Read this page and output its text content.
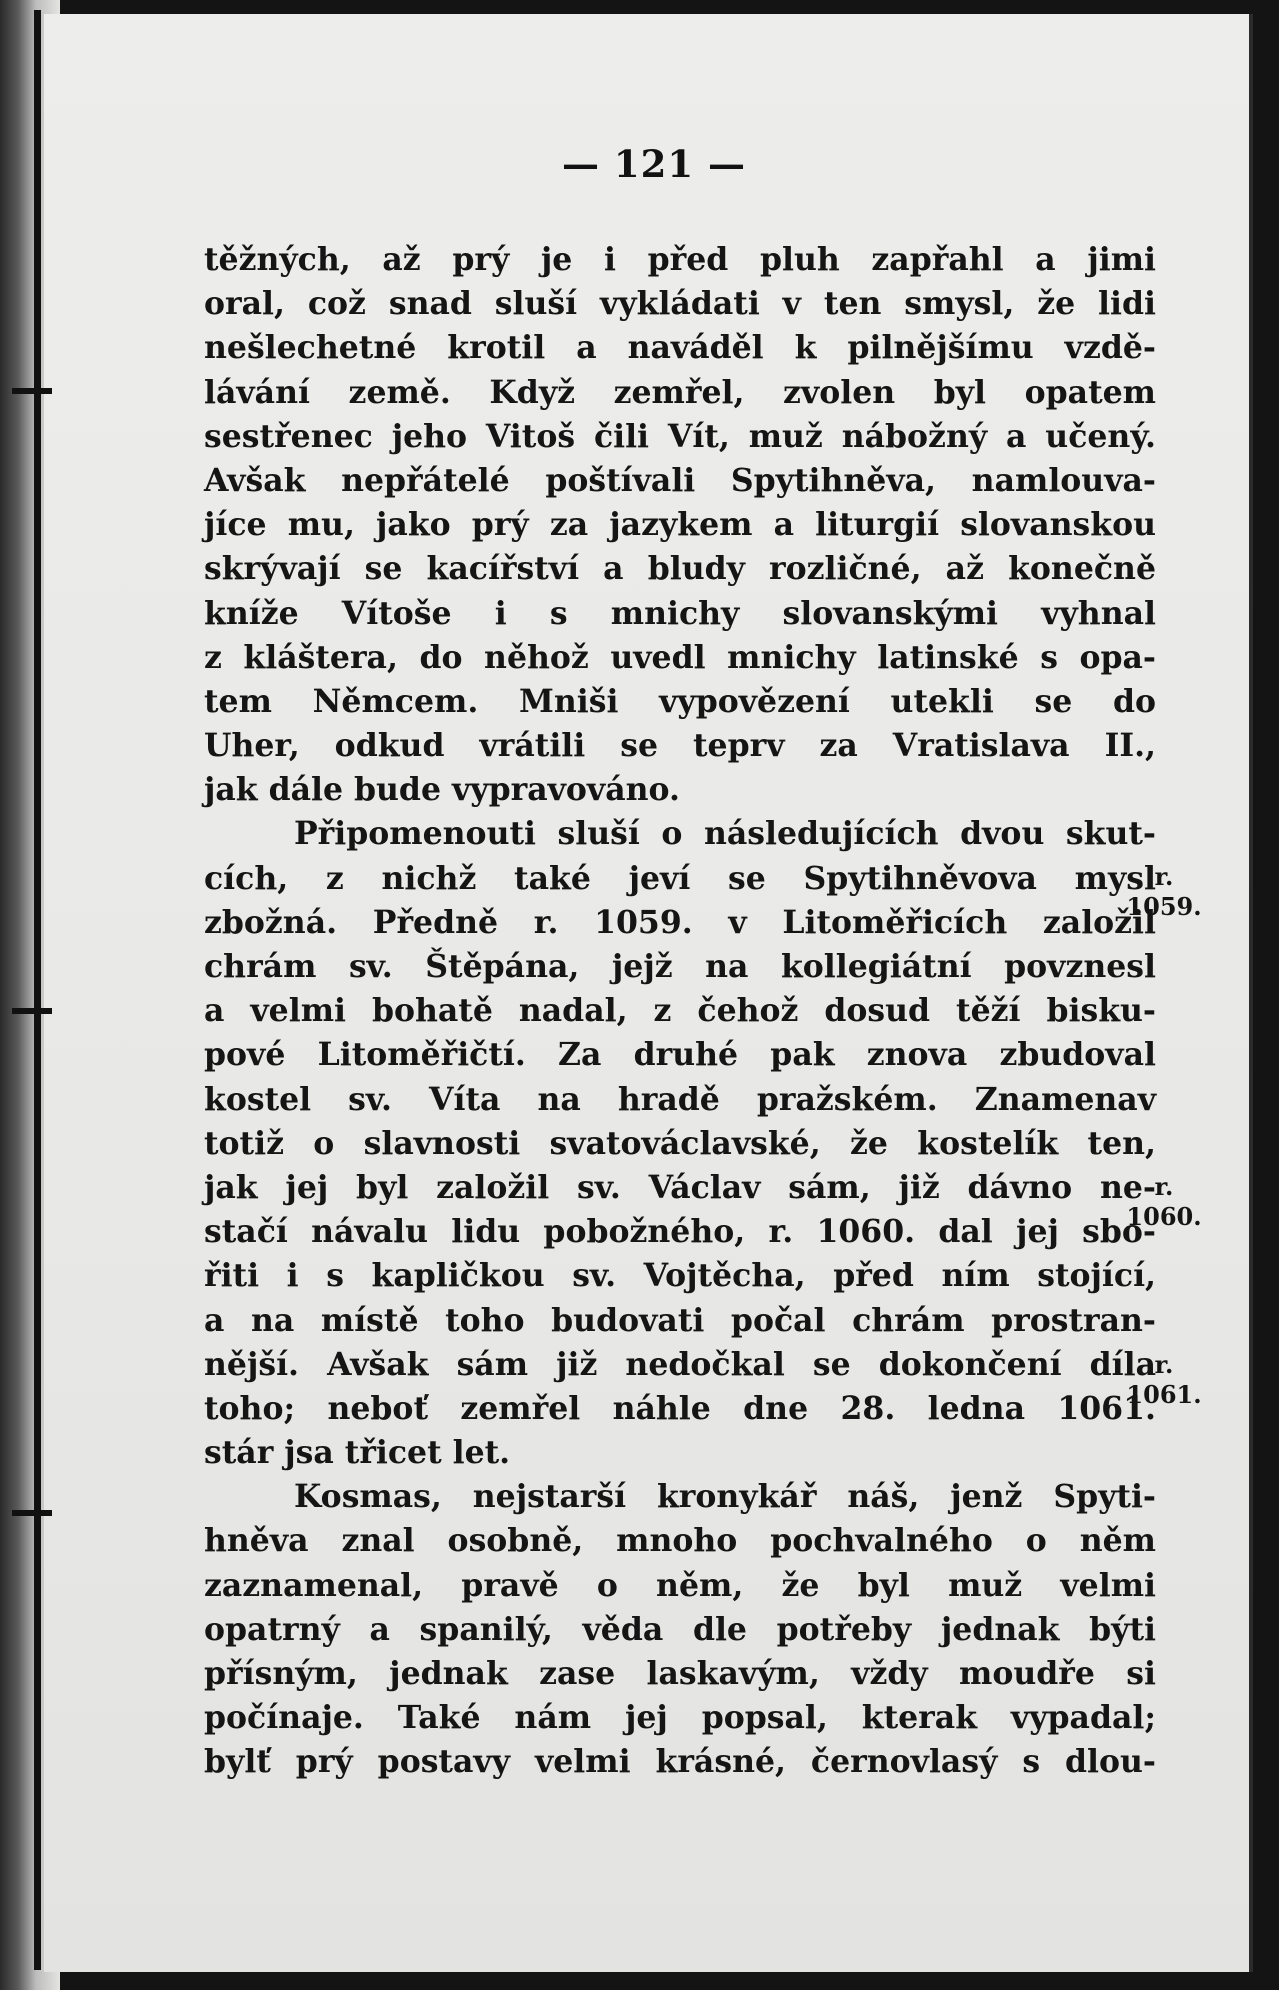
— 121 —
těžných, až prý je i před pluh zapřahl a jimi
oral, což snad sluší vykládati v ten smysl, že lidi
nešlechetné krotil a naváděl k pilnějšímu vzdě-
lávání země. Když zemřel, zvolen byl opatem
sestřenec jeho Vitoš čili Vít, muž nábožný a učený.
Avšak nepřátelé poštívali Spytihněva, namlouva-
jíce mu, jako prý za jazykem a liturgií slovanskou
skrývají se kacířství a bludy rozličné, až konečně
kníže Vítoše i s mnichy slovanskými vyhnal
z kláštera, do něhož uvedl mnichy latinské s opa-
tem Němcem. Mniši vypovězení utekli se do
Uher, odkud vrátili se teprv za Vratislava II.,
jak dále bude vypravováno.
Připomenouti sluší o následujících dvou skut-
cích, z nichž také jeví se Spytihněvova mysl
zbožná. Předně r. 1059. v Litoměřicích založil
chrám sv. Štěpána, jejž na kollegiátní povznesl
a velmi bohatě nadal, z čehož dosud těží bisku-
pové Litoměřičtí. Za druhé pak znova zbudoval
kostel sv. Víta na hradě pražském. Znamenav
totiž o slavnosti svatováclavské, že kostelík ten,
jak jej byl založil sv. Václav sám, již dávno ne-
stačí návalu lidu pobožného, r. 1060. dal jej sbo-
řiti i s kapličkou sv. Vojtěcha, před ním stojící,
a na místě toho budovati počal chrám prostran-
nější. Avšak sám již nedočkal se dokončení díla
toho; neboť zemřel náhle dne 28. ledna 1061.
stár jsa třicet let.
Kosmas, nejstarší kronykář náš, jenž Spyti-
hněva znal osobně, mnoho pochvalného o něm
zaznamenal, pravě o něm, že byl muž velmi
opatrný a spanilý, věda dle potřeby jednak býti
přísným, jednak zase laskavým, vždy moudře si
počínaje. Také nám jej popsal, kterak vypadal;
bylť prý postavy velmi krásné, černovlasý s dlou-
r.
1059.
r.
1060.
r.
1061.
